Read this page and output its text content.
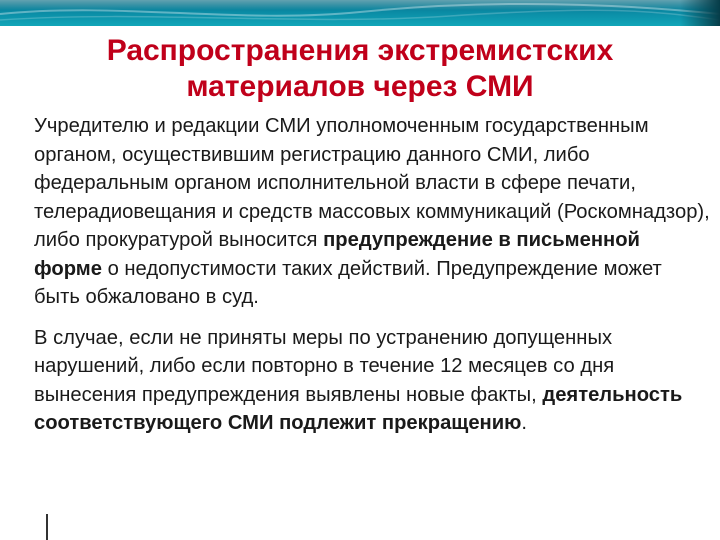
Распространения экстремистских
материалов через СМИ

Учредителю и редакции СМИ уполномоченным государственным органом, осуществившим регистрацию данного СМИ, либо федеральным органом исполнительной власти в сфере печати, телерадиовещания и средств массовых коммуникаций (Роскомнадзор), либо прокуратурой выносится предупреждение в письменной форме о недопустимости таких действий. Предупреждение может быть обжаловано в суд.

В случае, если не приняты меры по устранению допущенных нарушений, либо если повторно в течение 12 месяцев со дня вынесения предупреждения выявлены новые факты, деятельность соответствующего СМИ подлежит прекращению.
